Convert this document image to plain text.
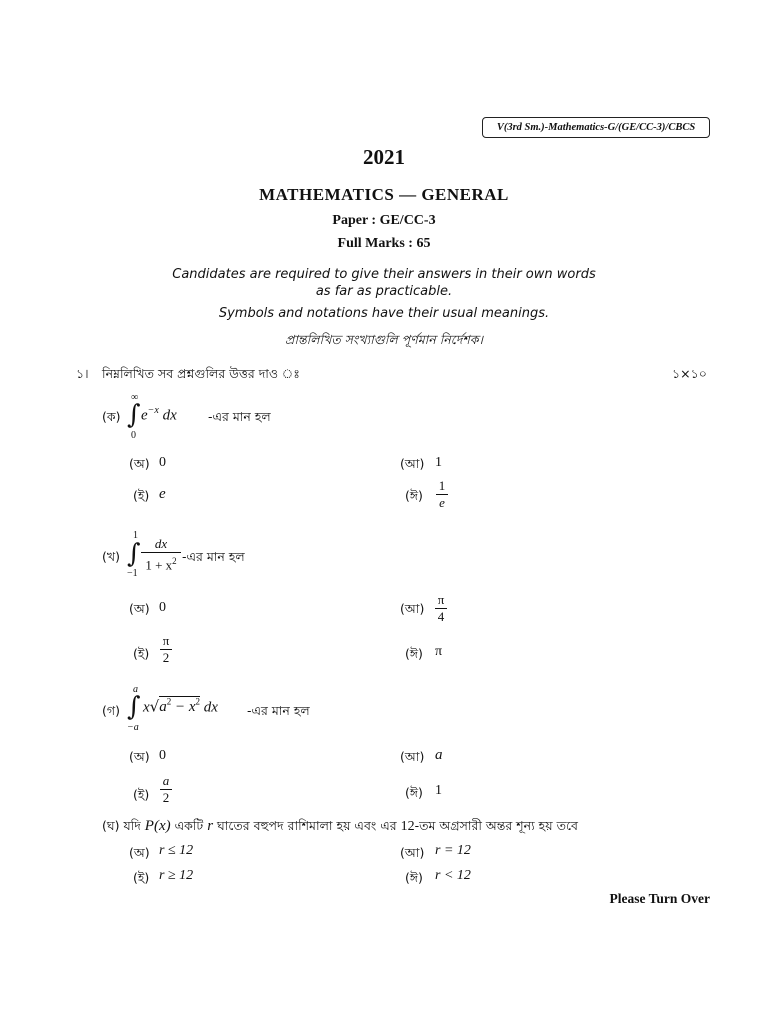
V(3rd Sm.)-Mathematics-G/(GE/CC-3)/CBCS
2021
MATHEMATICS — GENERAL
Paper : GE/CC-3
Full Marks : 65
Candidates are required to give their answers in their own words
as far as practicable.
Symbols and notations have their usual meanings.
প্রান্তলিখিত সংখ্যাগুলি পূর্ণমান নির্দেশক।
১। নিম্নলিখিত সব প্রশ্নগুলির উত্তর দাও ঃ	১×১০
(ক)
∞
∫
0
$e^{-x}$ dx -এর মান হল
(অ) 0	(আ) 1
(ই) e	(ঈ) $\frac{1}{e}$
(খ)
1
∫
−1
$\frac{dx}{1 + x^2}$ -এর মান হল
(অ) 0	(আ) $\frac{\pi}{4}$
(ই) $\frac{\pi}{2}$	(ঈ) π
(গ)
a
∫
−a
$x√a^2 - x^2$ dx -এর মান হল
(অ) 0	(আ) a
(ই) $\frac{a}{2}$	(ঈ) 1
(ঘ) যদি P(x) একটি r ঘাতের বহুপদ রাশিমালা হয় এবং এর 12-তম অগ্রসারী অন্তর শূন্য হয় তবে
(অ) r ≤ 12	(আ) r = 12
(ই) r ≥ 12	(ঈ) r < 12
Please Turn Over
